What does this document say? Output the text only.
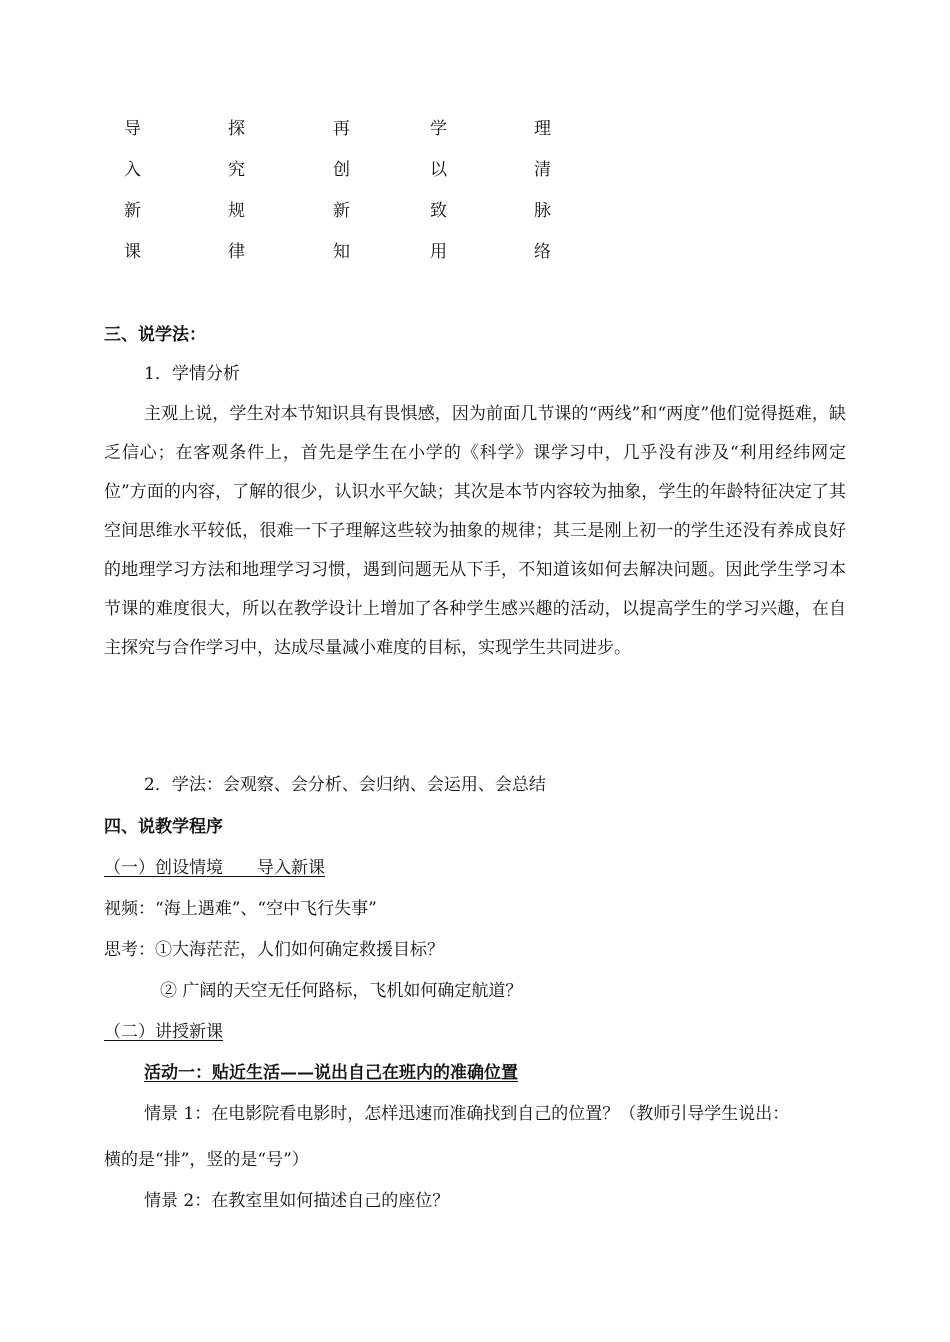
导
入
新
课
探
究
规
律
再
创
新
知
学
以
致
用
理
清
脉
络
三、说学法：
1．学情分析
主观上说，学生对本节知识具有畏惧感，因为前面几节课的“两线”和“两度”他们觉得挺难，缺乏信心；在客观条件上，首先是学生在小学的《科学》课学习中，几乎没有涉及“利用经纬网定位”方面的内容，了解的很少，认识水平欠缺；其次是本节内容较为抽象，学生的年龄特征决定了其空间思维水平较低，很难一下子理解这些较为抽象的规律；其三是刚上初一的学生还没有养成良好的地理学习方法和地理学习习惯，遇到问题无从下手，不知道该如何去解决问题。因此学生学习本节课的难度很大，所以在教学设计上增加了各种学生感兴趣的活动，以提高学生的学习兴趣，在自主探究与合作学习中，达成尽量减小难度的目标，实现学生共同进步。
2．学法：会观察、会分析、会归纳、会运用、会总结
四、说教学程序
（一）创设情境　　导入新课
视频：“海上遇难”、“空中飞行失事”
思考：①大海茫茫，人们如何确定救援目标？
② 广阔的天空无任何路标，飞机如何确定航道？
（二）讲授新课
活动一：贴近生活——说出自己在班内的准确位置
情景 1：在电影院看电影时，怎样迅速而准确找到自己的位置？（教师引导学生说出：
横的是“排”，竖的是“号”）
情景 2：在教室里如何描述自己的座位？
